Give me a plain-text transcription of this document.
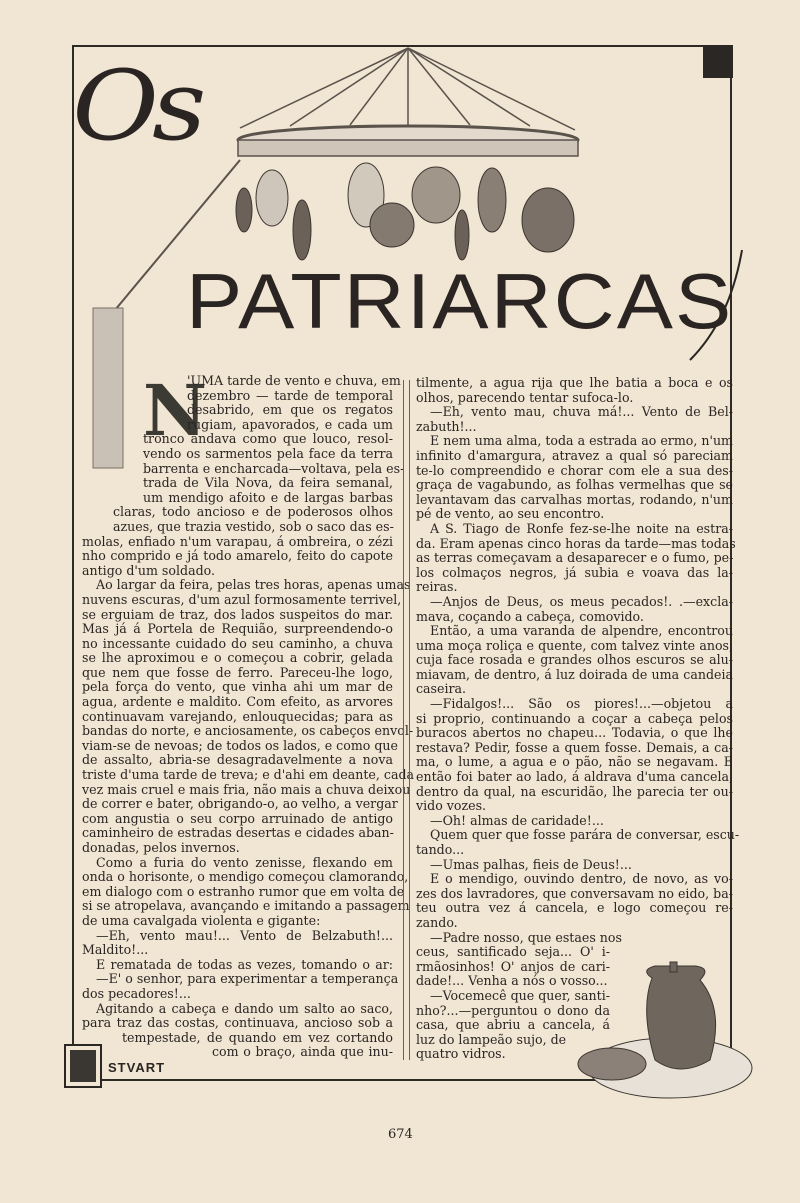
Os
PATRIARCAS
N
'UMA tarde de vento e chuva, em
dezembro — tarde de temporal
desabrido, em que os regatos
rugiam, apavorados, e cada um
tronco andava como que louco, resol-
vendo os sarmentos pela face da terra
barrenta e encharcada—voltava, pela es-
trada de Vila Nova, da feira semanal,
um mendigo afoito e de largas barbas
claras, todo ancioso e de poderosos olhos
azues, que trazia vestido, sob o saco das es-
molas, enfiado n'um varapau, á ombreira, o zézi
nho comprido e já todo amarelo, feito do capote
antigo d'um soldado.
Ao largar da feira, pelas tres horas, apenas umas
nuvens escuras, d'um azul formosamente terrivel,
se erguiam de traz, dos lados suspeitos do mar.
Mas já á Portela de Requião, surpreendendo-o
no incessante cuidado do seu caminho, a chuva
se lhe aproximou e o começou a cobrir, gelada
que nem que fosse de ferro. Pareceu-lhe logo,
pela força do vento, que vinha ahi um mar de
agua, ardente e maldito. Com efeito, as arvores
continuavam varejando, enlouquecidas; para as
bandas do norte, e anciosamente, os cabeços envol-
viam-se de nevoas; de todos os lados, e como que
de assalto, abria-se desagradavelmente a nova
triste d'uma tarde de treva; e d'ahi em deante, cada
vez mais cruel e mais fria, não mais a chuva deixou
de correr e bater, obrigando-o, ao velho, a vergar
com angustia o seu corpo arruinado de antigo
caminheiro de estradas desertas e cidades aban-
donadas, pelos invernos.
Como a furia do vento zenisse, flexando em
onda o horisonte, o mendigo começou clamorando,
em dialogo com o estranho rumor que em volta de
si se atropelava, avançando e imitando a passagem
de uma cavalgada violenta e gigante:
—Eh, vento mau!... Vento de Belzabuth!...
Maldito!...
E rematada de todas as vezes, tomando o ar:
—E' o senhor, para experimentar a temperança
dos pecadores!...
Agitando a cabeça e dando um salto ao saco,
para traz das costas, continuava, ancioso sob a
tempestade, de quando em vez cortando
com o braço, ainda que inu-
tilmente, a agua rija que lhe batia a boca e os
olhos, parecendo tentar sufoca-lo.
—Eh, vento mau, chuva má!... Vento de Bel-
zabuth!...
E nem uma alma, toda a estrada ao ermo, n'um
infinito d'amargura, atravez a qual só pareciam
te-lo compreendido e chorar com ele a sua des-
graça de vagabundo, as folhas vermelhas que se
levantavam das carvalhas mortas, rodando, n'um
pé de vento, ao seu encontro.
A S. Tiago de Ronfe fez-se-lhe noite na estra-
da. Eram apenas cinco horas da tarde—mas todas
as terras começavam a desaparecer e o fumo, pe-
los colmaços negros, já subia e voava das la-
reiras.
—Anjos de Deus, os meus pecados!. .—excla-
mava, coçando a cabeça, comovido.
Então, a uma varanda de alpendre, encontrou
uma moça roliça e quente, com talvez vinte anos,
cuja face rosada e grandes olhos escuros se alu-
miavam, de dentro, á luz doirada de uma candeia
caseira.
—Fidalgos!... São os piores!...—objetou a
si proprio, continuando a coçar a cabeça pelos
buracos abertos no chapeu... Todavia, o que lhe
restava? Pedir, fosse a quem fosse. Demais, a ca-
ma, o lume, a agua e o pão, não se negavam. E
então foi bater ao lado, á aldrava d'uma cancela,
dentro da qual, na escuridão, lhe parecia ter ou-
vido vozes.
—Oh! almas de caridade!...
Quem quer que fosse parára de conversar, escu-
tando...
—Umas palhas, fieis de Deus!...
E o mendigo, ouvindo dentro, de novo, as vo-
zes dos lavradores, que conversavam no eido, ba-
teu outra vez á cancela, e logo começou re-
zando.
—Padre nosso, que estaes nos
ceus, santificado seja... O' i-
rmãosinhos! O' anjos de cari-
dade!... Venha a nós o vosso...
—Vocemecê que quer, santi-
nho?...—perguntou o dono da
casa, que abriu a cancela, á
luz do lampeão sujo, de
quatro vidros.
STVART
674
